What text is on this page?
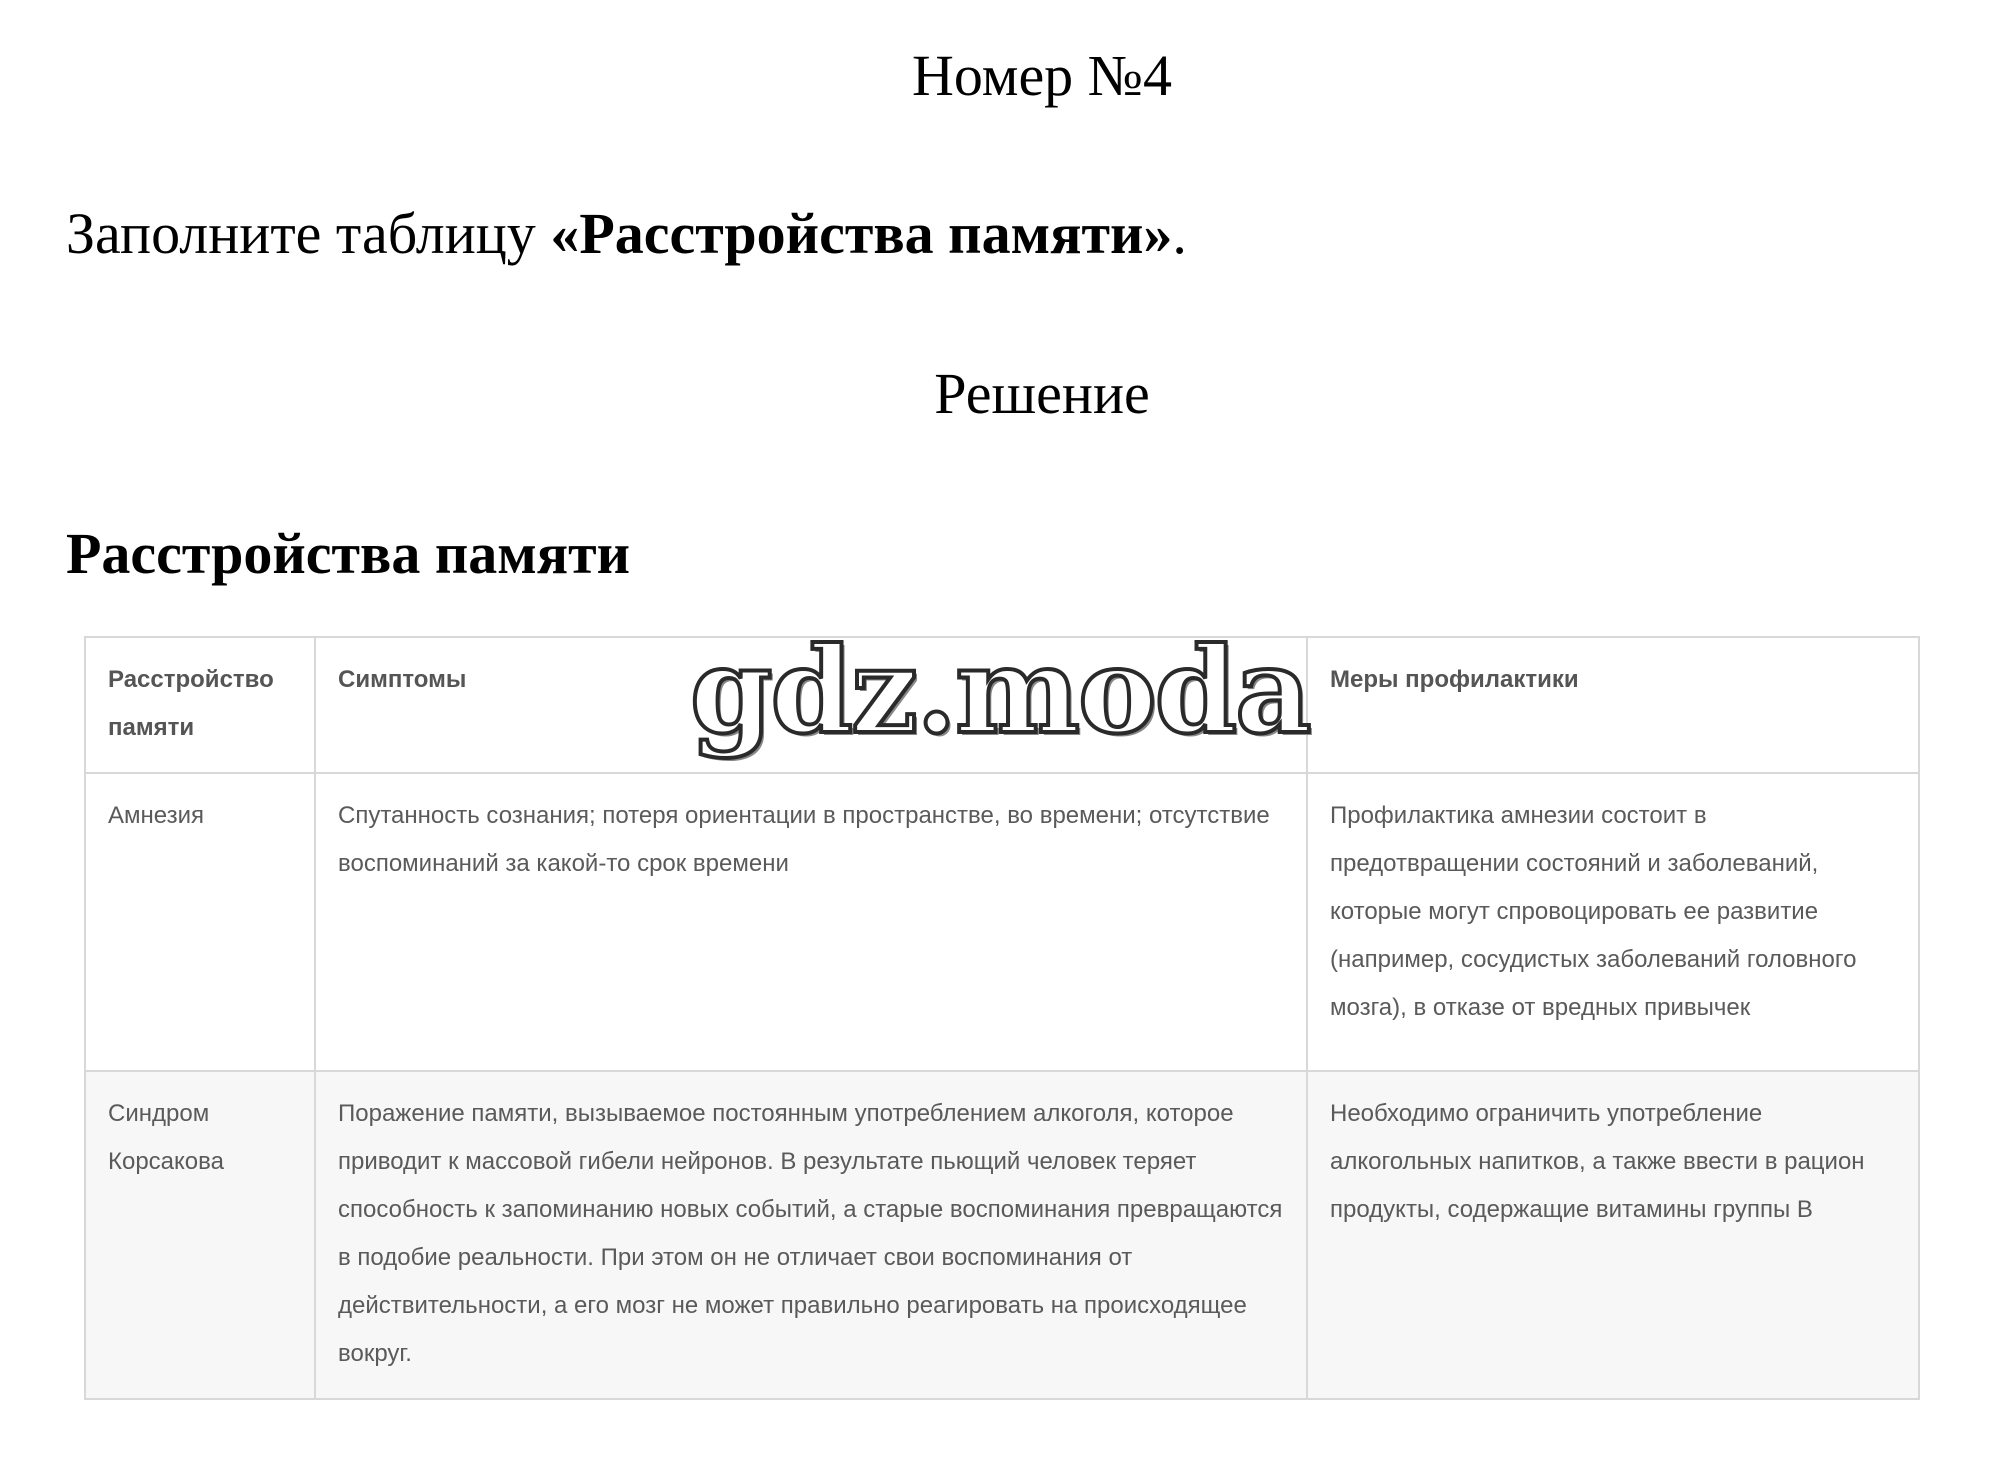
Номер №4
Заполните таблицу «Расстройства памяти».
Решение
Расстройства памяти
Расстройство памяти	Симптомы	Меры профилактики
Амнезия	Спутанность сознания; потеря ориентации в пространстве, во времени; отсутствие воспоминаний за какой-то срок времени	Профилактика амнезии состоит в предотвращении состояний и заболеваний, которые могут спровоцировать ее развитие (например, сосудистых заболеваний головного мозга), в отказе от вредных привычек
Синдром Корсакова	Поражение памяти, вызываемое постоянным употреблением алкоголя, которое приводит к массовой гибели нейронов. В результате пьющий человек теряет способность к запоминанию новых событий, а старые воспоминания превращаются в подобие реальности. При этом он не отличает свои воспоминания от действительности, а его мозг не может правильно реагировать на происходящее вокруг.	Необходимо ограничить употребление алкогольных напитков, а также ввести в рацион продукты, содержащие витамины группы В
gdz.moda
